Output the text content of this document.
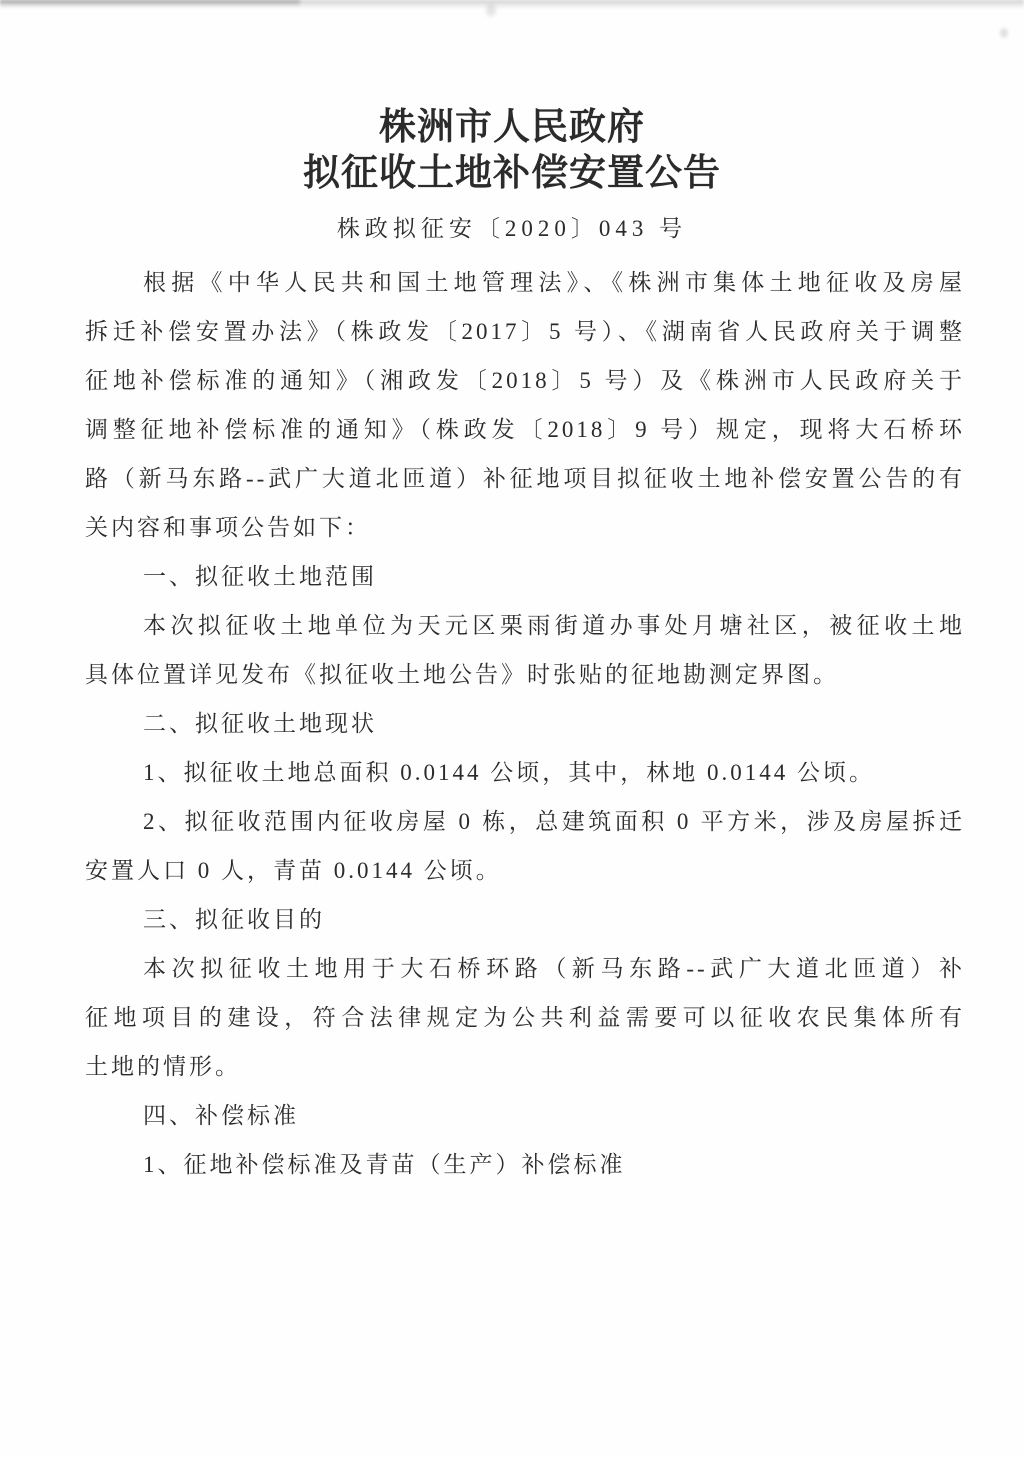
株洲市人民政府
拟征收土地补偿安置公告
株政拟征安〔2020〕043 号
根据《中华人民共和国土地管理法》、《株洲市集体土地征收及房屋
拆迁补偿安置办法》（株政发〔2017〕5 号）、《湖南省人民政府关于调整
征地补偿标准的通知》（湘政发〔2018〕5 号）及《株洲市人民政府关于
调整征地补偿标准的通知》（株政发〔2018〕9 号）规定，现将大石桥环
路（新马东路--武广大道北匝道）补征地项目拟征收土地补偿安置公告的有
关内容和事项公告如下：
一、拟征收土地范围
本次拟征收土地单位为天元区栗雨街道办事处月塘社区，被征收土地
具体位置详见发布《拟征收土地公告》时张贴的征地勘测定界图。
二、拟征收土地现状
1、拟征收土地总面积 0.0144 公顷，其中，林地 0.0144 公顷。
2、拟征收范围内征收房屋 0 栋，总建筑面积 0 平方米，涉及房屋拆迁
安置人口 0 人，青苗 0.0144 公顷。
三、拟征收目的
本次拟征收土地用于大石桥环路（新马东路--武广大道北匝道）补
征地项目的建设，符合法律规定为公共利益需要可以征收农民集体所有
土地的情形。
四、补偿标准
1、征地补偿标准及青苗（生产）补偿标准
